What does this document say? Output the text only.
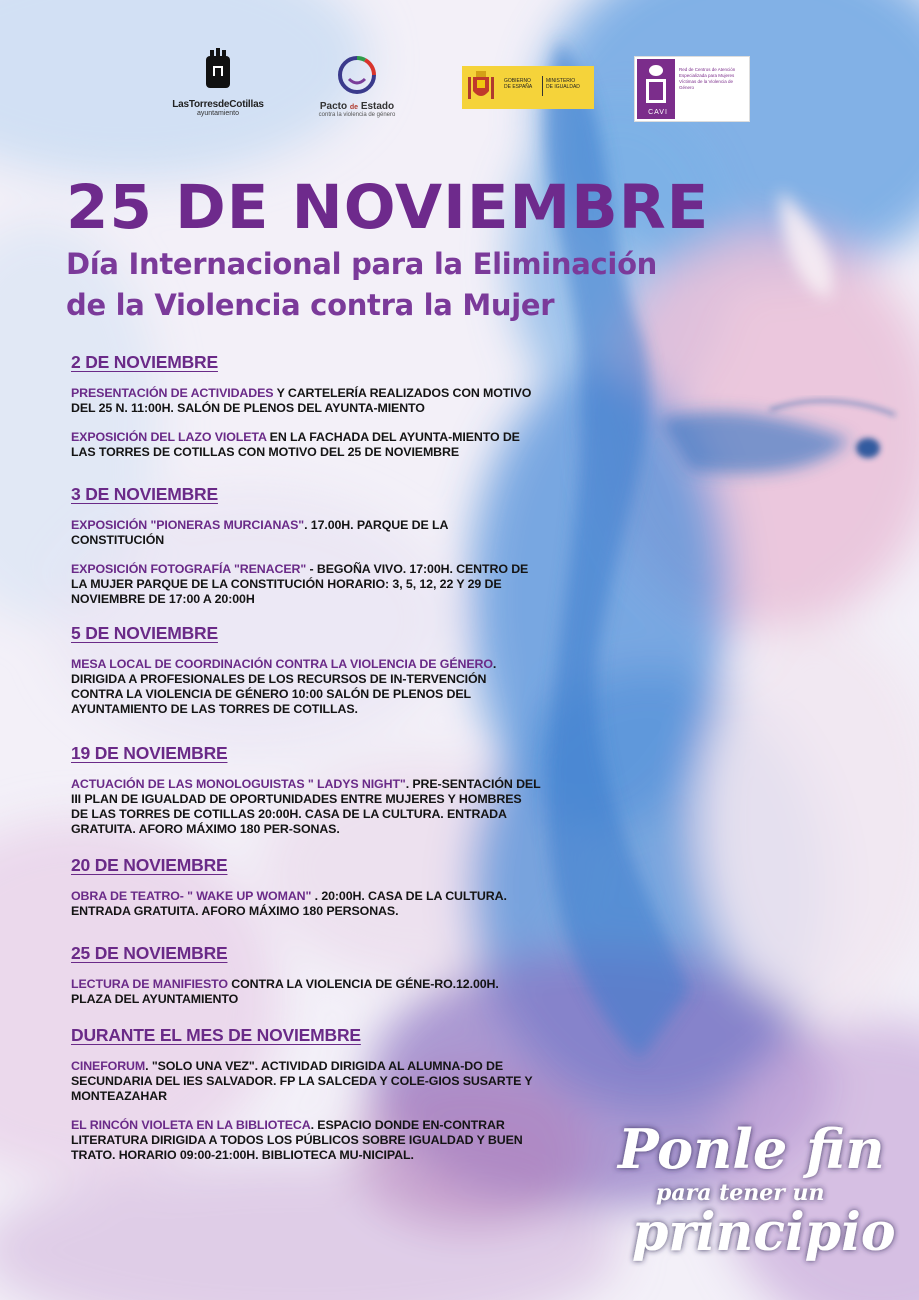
LasTorresdeCotillas
ayuntamiento
Pacto de Estado
contra la violencia de género
GOBIERNO
DE ESPAÑA
MINISTERIO
DE IGUALDAD
CAVI
Red de Centros de Atención Especializada para Mujeres Víctimas de la Violencia de Género
25 DE NOVIEMBRE
Día Internacional para la Eliminación
de la Violencia contra la Mujer
2 DE NOVIEMBRE
PRESENTACIÓN DE ACTIVIDADES Y CARTELERÍA REALIZADOS CON MOTIVO DEL 25 N. 11:00H. SALÓN DE PLENOS DEL AYUNTA-MIENTO
EXPOSICIÓN DEL LAZO VIOLETA EN LA FACHADA DEL AYUNTA-MIENTO DE LAS TORRES DE COTILLAS CON MOTIVO DEL 25 DE NOVIEMBRE
3 DE NOVIEMBRE
EXPOSICIÓN "PIONERAS MURCIANAS". 17.00H. PARQUE DE LA CONSTITUCIÓN
EXPOSICIÓN FOTOGRAFÍA "RENACER" - BEGOÑA VIVO. 17:00H. CENTRO DE LA MUJER PARQUE DE LA CONSTITUCIÓN HORARIO: 3, 5, 12, 22 Y 29 DE NOVIEMBRE DE 17:00 A 20:00H
5 DE NOVIEMBRE
MESA LOCAL DE COORDINACIÓN CONTRA LA VIOLENCIA DE GÉNERO. DIRIGIDA A PROFESIONALES DE LOS RECURSOS DE IN-TERVENCIÓN CONTRA LA VIOLENCIA DE GÉNERO 10:00 SALÓN DE PLENOS DEL AYUNTAMIENTO DE LAS TORRES DE COTILLAS.
19 DE NOVIEMBRE
ACTUACIÓN DE LAS MONOLOGUISTAS " LADYS NIGHT". PRE-SENTACIÓN DEL III PLAN DE IGUALDAD DE OPORTUNIDADES ENTRE MUJERES Y HOMBRES DE LAS TORRES DE COTILLAS 20:00H. CASA DE LA CULTURA. ENTRADA GRATUITA. AFORO MÁXIMO 180 PER-SONAS.
20 DE NOVIEMBRE
OBRA DE TEATRO- " WAKE UP WOMAN" . 20:00H. CASA DE LA CULTURA. ENTRADA GRATUITA. AFORO MÁXIMO 180 PERSONAS.
25 DE NOVIEMBRE
LECTURA DE MANIFIESTO CONTRA LA VIOLENCIA DE GÉNE-RO.12.00H. PLAZA DEL AYUNTAMIENTO
DURANTE EL MES DE NOVIEMBRE
CINEFORUM. "SOLO UNA VEZ". ACTIVIDAD DIRIGIDA AL ALUMNA-DO DE SECUNDARIA DEL IES SALVADOR. FP LA SALCEDA Y COLE-GIOS SUSARTE Y MONTEAZAHAR
EL RINCÓN VIOLETA EN LA BIBLIOTECA. ESPACIO DONDE EN-CONTRAR LITERATURA DIRIGIDA A TODOS LOS PÚBLICOS SOBRE IGUALDAD Y BUEN TRATO. HORARIO 09:00-21:00H. BIBLIOTECA MU-NICIPAL.	Ponle fin
para tener un
principio
